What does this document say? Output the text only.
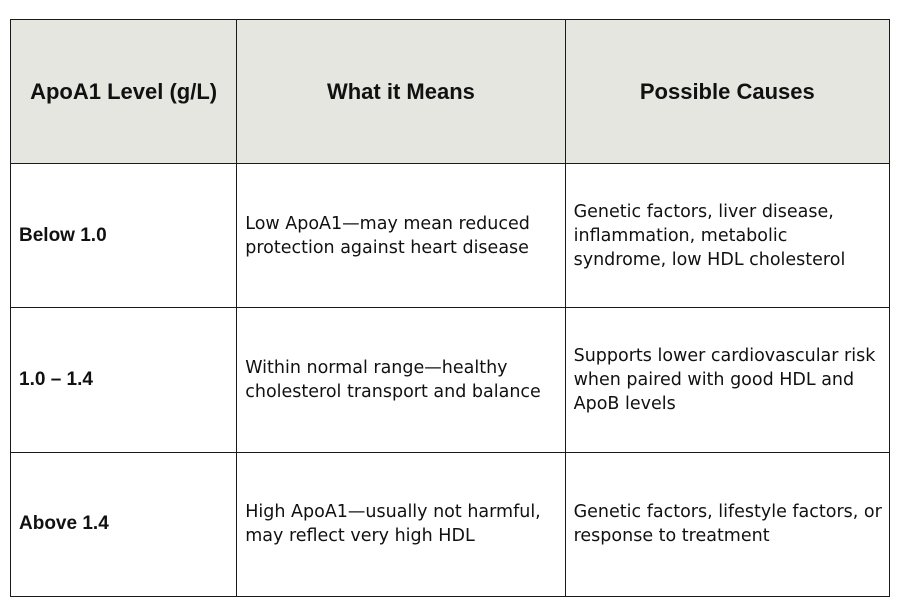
ApoA1 Level (g/L)	What it Means	Possible Causes
Below 1.0	Low ApoA1—may mean reduced protection against heart disease	Genetic factors, liver disease, inflammation, metabolic syndrome, low HDL cholesterol
1.0 – 1.4	Within normal range—healthy cholesterol transport and balance	Supports lower cardiovascular risk when paired with good HDL and ApoB levels
Above 1.4	High ApoA1—usually not harmful, may reflect very high HDL	Genetic factors, lifestyle factors, or response to treatment
